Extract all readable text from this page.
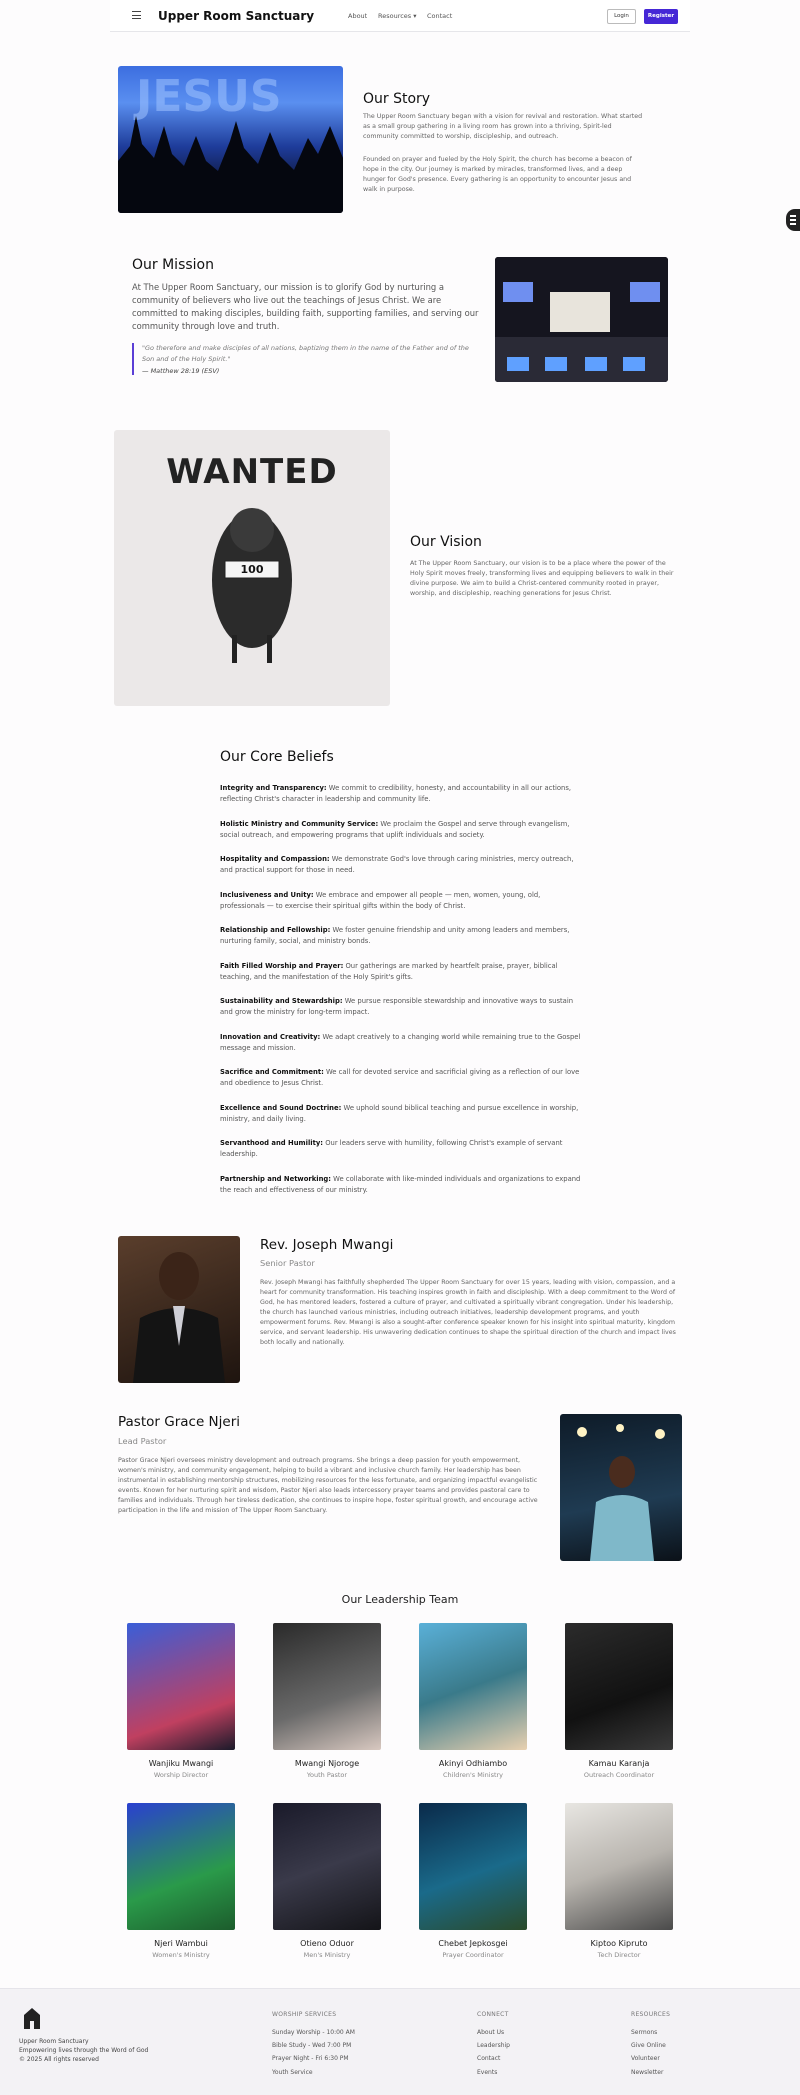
Upper Room Sanctuary	About Resources ▾ Contact	Login	Register
JESUS	Our Story
The Upper Room Sanctuary began with a vision for revival and restoration. What started as a small group gathering in a living room has grown into a thriving, Spirit-led community committed to worship, discipleship, and outreach.
Founded on prayer and fueled by the Holy Spirit, the church has become a beacon of hope in the city. Our journey is marked by miracles, transformed lives, and a deep hunger for God's presence. Every gathering is an opportunity to encounter Jesus and walk in purpose.
Our Mission
At The Upper Room Sanctuary, our mission is to glorify God by nurturing a community of believers who live out the teachings of Jesus Christ. We are committed to making disciples, building faith, supporting families, and serving our community through love and truth.
"Go therefore and make disciples of all nations, baptizing them in the name of the Father and of the Son and of the Holy Spirit."
— Matthew 28:19 (ESV)
WANTED
100
Our Vision
At The Upper Room Sanctuary, our vision is to be a place where the power of the Holy Spirit moves freely, transforming lives and equipping believers to walk in their divine purpose. We aim to build a Christ-centered community rooted in prayer, worship, and discipleship, reaching generations for Jesus Christ.
Our Core Beliefs

Integrity and Transparency: We commit to credibility, honesty, and accountability in all our actions, reflecting Christ's character in leadership and community life.

Holistic Ministry and Community Service: We proclaim the Gospel and serve through evangelism, social outreach, and empowering programs that uplift individuals and society.

Hospitality and Compassion: We demonstrate God's love through caring ministries, mercy outreach, and practical support for those in need.

Inclusiveness and Unity: We embrace and empower all people — men, women, young, old, professionals — to exercise their spiritual gifts within the body of Christ.

Relationship and Fellowship: We foster genuine friendship and unity among leaders and members, nurturing family, social, and ministry bonds.

Faith Filled Worship and Prayer: Our gatherings are marked by heartfelt praise, prayer, biblical teaching, and the manifestation of the Holy Spirit's gifts.

Sustainability and Stewardship: We pursue responsible stewardship and innovative ways to sustain and grow the ministry for long-term impact.

Innovation and Creativity: We adapt creatively to a changing world while remaining true to the Gospel message and mission.

Sacrifice and Commitment: We call for devoted service and sacrificial giving as a reflection of our love and obedience to Jesus Christ.

Excellence and Sound Doctrine: We uphold sound biblical teaching and pursue excellence in worship, ministry, and daily living.

Servanthood and Humility: Our leaders serve with humility, following Christ's example of servant leadership.

Partnership and Networking: We collaborate with like-minded individuals and organizations to expand the reach and effectiveness of our ministry.

Rev. Joseph Mwangi
Senior Pastor
Rev. Joseph Mwangi has faithfully shepherded The Upper Room Sanctuary for over 15 years, leading with vision, compassion, and a heart for community transformation. His teaching inspires growth in faith and discipleship. With a deep commitment to the Word of God, he has mentored leaders, fostered a culture of prayer, and cultivated a spiritually vibrant congregation. Under his leadership, the church has launched various ministries, including outreach initiatives, leadership development programs, and youth empowerment forums. Rev. Mwangi is also a sought-after conference speaker known for his insight into spiritual maturity, kingdom service, and servant leadership. His unwavering dedication continues to shape the spiritual direction of the church and impact lives both locally and nationally.
Pastor Grace Njeri
Lead Pastor
Pastor Grace Njeri oversees ministry development and outreach programs. She brings a deep passion for youth empowerment, women's ministry, and community engagement, helping to build a vibrant and inclusive church family. Her leadership has been instrumental in establishing mentorship structures, mobilizing resources for the less fortunate, and organizing impactful evangelistic events. Known for her nurturing spirit and wisdom, Pastor Njeri also leads intercessory prayer teams and provides pastoral care to families and individuals. Through her tireless dedication, she continues to inspire hope, foster spiritual growth, and encourage active participation in the life and mission of The Upper Room Sanctuary.
Our Leadership Team
Wanjiku Mwangi
Worship Director
Mwangi Njoroge
Youth Pastor
Akinyi Odhiambo
Children's Ministry
Kamau Karanja
Outreach Coordinator
Njeri Wambui
Women's Ministry
Otieno Oduor
Men's Ministry
Chebet Jepkosgei
Prayer Coordinator
Kiptoo Kipruto
Tech Director
Upper Room Sanctuary
Empowering lives through the Word of God
© 2025 All rights reserved
WORSHIP SERVICES
Sunday Worship - 10:00 AM
Bible Study - Wed 7:00 PM
Prayer Night - Fri 6:30 PM
Youth Service
CONNECT
About Us
Leadership
Contact
Events
RESOURCES
Sermons
Give Online
Volunteer
Newsletter
